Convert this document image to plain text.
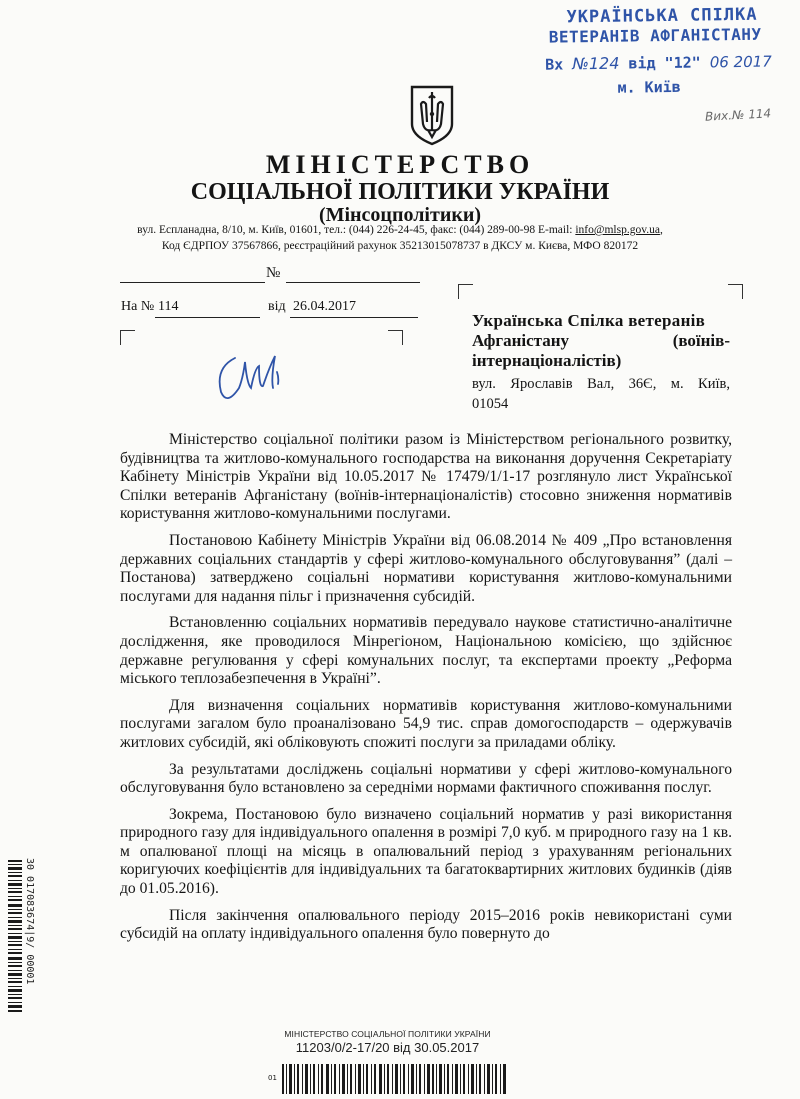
УКРАЇНСЬКА СПІЛКА
ВЕТЕРАНІВ АФГАНІСТАНУ
Вх №124 від "12" 06 2017
м. Київ
Вих.№ 114
МІНІСТЕРСТВО
СОЦІАЛЬНОЇ ПОЛІТИКИ УКРАЇНИ
(Мінсоцполітики)
вул. Еспланадна, 8/10, м. Київ, 01601, тел.: (044) 226-24-45, факс: (044) 289-00-98 E-mail: info@mlsp.gov.ua,
Код ЄДРПОУ 37567866, реєстраційний рахунок 35213015078737 в ДКСУ м. Києва, МФО 820172
№
На № 114	від 26.04.2017
Українська Спілка ветеранів
Афганістану	(воїнів-
інтернаціоналістів)
вул. Ярославів Вал, 36Є, м. Київ,
01054

Міністерство соціальної політики разом із Міністерством регіонального розвитку, будівництва та житлово-комунального господарства на виконання доручення Секретаріату Кабінету Міністрів України від 10.05.2017 № 17479/1/1-17 розглянуло лист Української Спілки ветеранів Афганістану (воїнів-інтернаціоналістів) стосовно зниження нормативів користування житлово-комунальними послугами.

Постановою Кабінету Міністрів України від 06.08.2014 № 409 „Про встановлення державних соціальних стандартів у сфері житлово-комунального обслуговування” (далі – Постанова) затверджено соціальні нормативи користування житлово-комунальними послугами для надання пільг і призначення субсидій.

Встановленню соціальних нормативів передувало наукове статистично-аналітичне дослідження, яке проводилося Мінрегіоном, Національною комісією, що здійснює державне регулювання у сфері комунальних послуг, та експертами проекту „Реформа міського теплозабезпечення в Україні”.

Для визначення соціальних нормативів користування житлово-комунальними послугами загалом було проаналізовано 54,9 тис. справ домогосподарств – одержувачів житлових субсидій, які обліковують спожиті послуги за приладами обліку.

За результатами досліджень соціальні нормативи у сфері житлово-комунального обслуговування було встановлено за середніми нормами фактичного споживання послуг.

Зокрема, Постановою було визначено соціальний норматив у разі використання природного газу для індивідуального опалення в розмірі 7,0 куб. м природного газу на 1 кв. м опалюваної площі на місяць в опалювальний період з урахуванням регіональних коригуючих коефіцієнтів для індивідуальних та багатоквартирних житлових будинків (діяв до 01.05.2016).

Після закінчення опалювального періоду 2015–2016 років невикористані суми субсидій на оплату індивідуального опалення було повернуто до

30 017083674|9/ 00001
МІНІСТЕРСТВО СОЦІАЛЬНОЇ ПОЛІТИКИ УКРАЇНИ
11203/0/2-17/20 від 30.05.2017
01
